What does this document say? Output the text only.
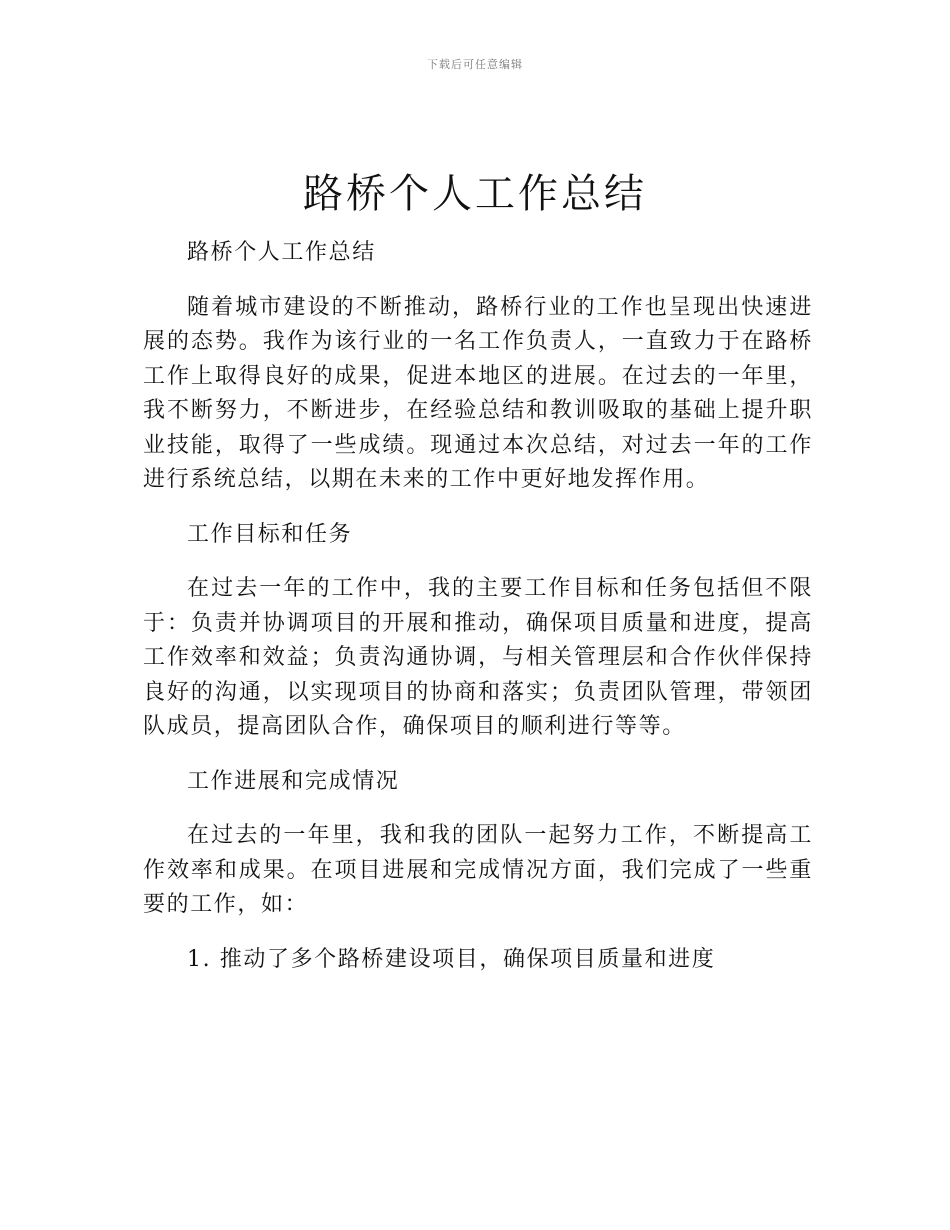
下载后可任意编辑
路桥个人工作总结

路桥个人工作总结

随着城市建设的不断推动，路桥行业的工作也呈现出快速进展的态势。我作为该行业的一名工作负责人，一直致力于在路桥工作上取得良好的成果，促进本地区的进展。在过去的一年里，我不断努力，不断进步，在经验总结和教训吸取的基础上提升职业技能，取得了一些成绩。现通过本次总结，对过去一年的工作进行系统总结，以期在未来的工作中更好地发挥作用。

工作目标和任务

在过去一年的工作中，我的主要工作目标和任务包括但不限于：负责并协调项目的开展和推动，确保项目质量和进度，提高工作效率和效益；负责沟通协调，与相关管理层和合作伙伴保持良好的沟通，以实现项目的协商和落实；负责团队管理，带领团队成员，提高团队合作，确保项目的顺利进行等等。

工作进展和完成情况

在过去的一年里，我和我的团队一起努力工作，不断提高工作效率和成果。在项目进展和完成情况方面，我们完成了一些重要的工作，如：

1. 推动了多个路桥建设项目，确保项目质量和进度
